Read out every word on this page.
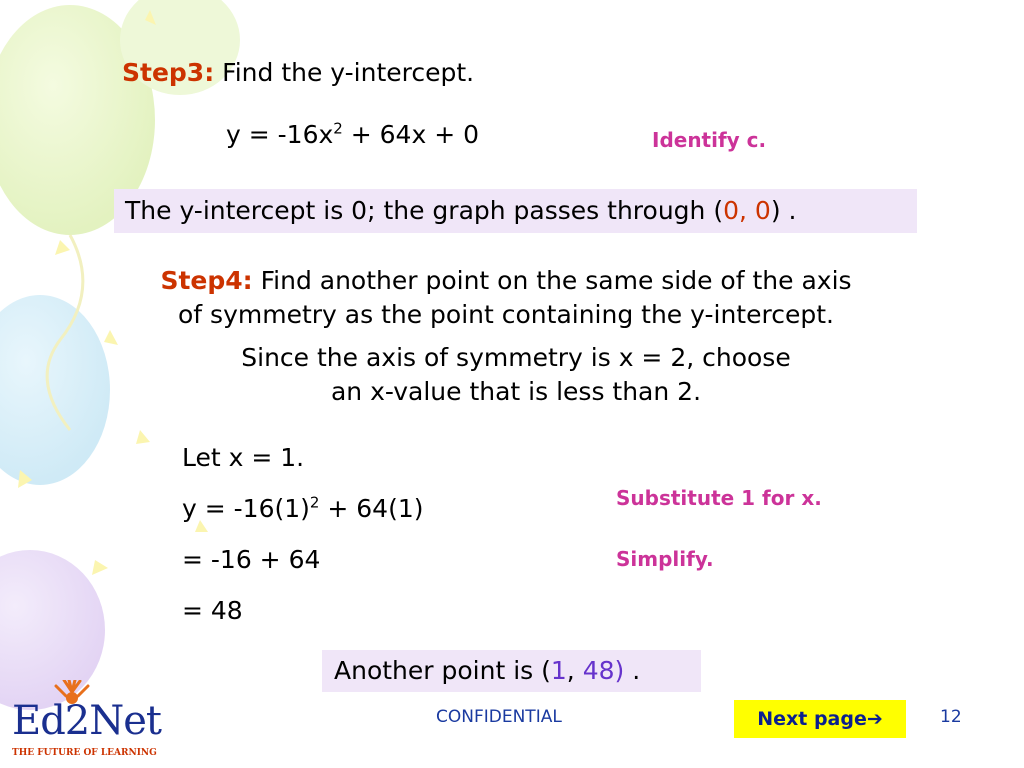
Step3: Find the y-intercept.
$y = -16x^2 + 64x + 0$	Identify c.
The y-intercept is 0; the graph passes through (0, 0) .
Step4: Find another point on the same side of the axis
of symmetry as the point containing the y-intercept.
Since the axis of symmetry is x = 2, choose
an x-value that is less than 2.
Let x = 1.
$y = -16(1)^2 + 64(1)$
= -16 + 64
= 48
Substitute 1 for x.
Simplify.
Another point is (1, 48) .
CONFIDENTIAL	Next page➔	12
Ed2Net
THE FUTURE OF LEARNING
